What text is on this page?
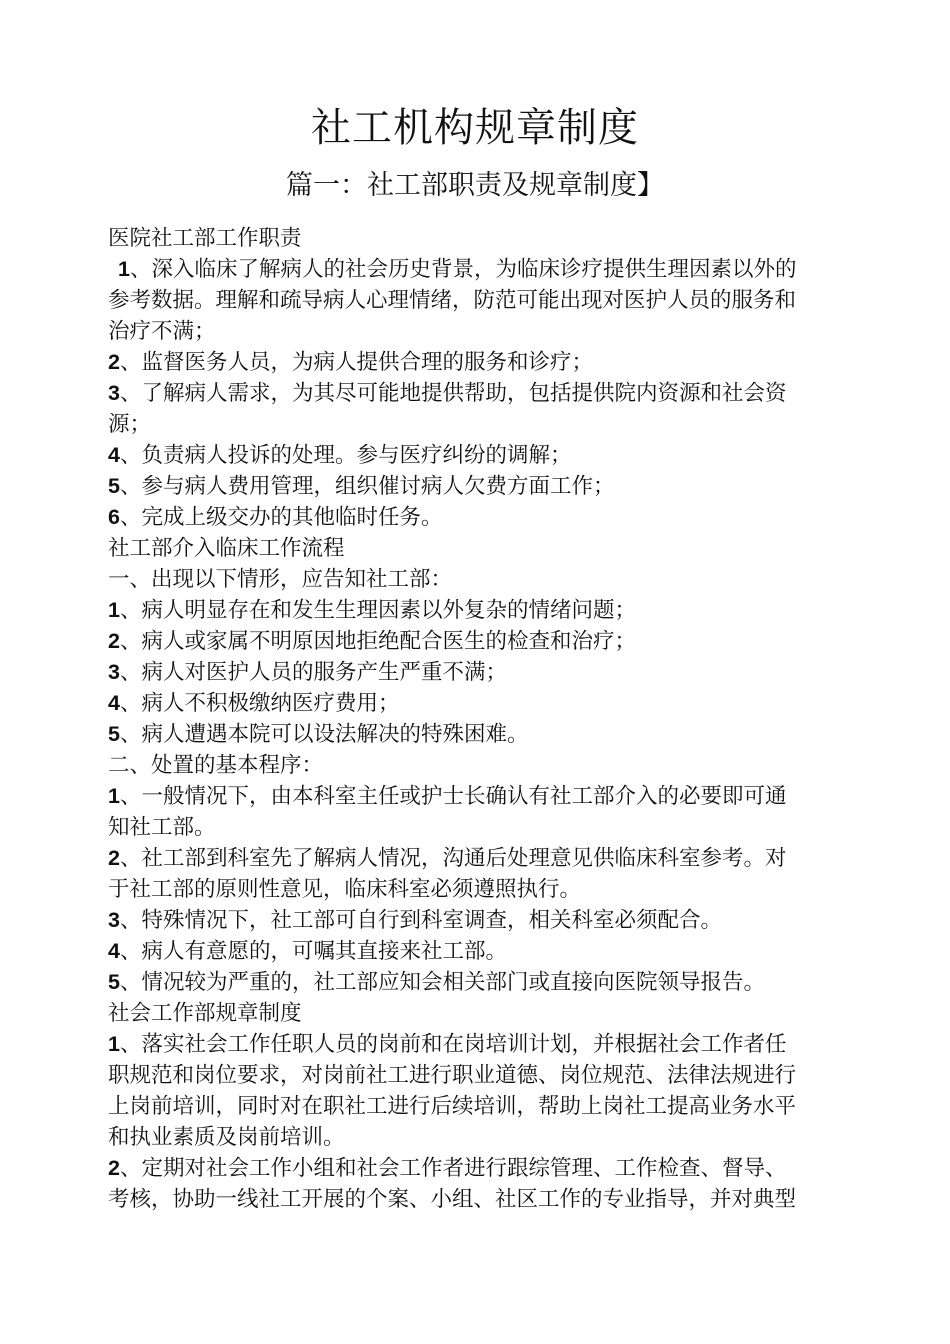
社工机构规章制度
篇一：社工部职责及规章制度】
医院社工部工作职责
1、深入临床了解病人的社会历史背景，为临床诊疗提供生理因素以外的
参考数据。理解和疏导病人心理情绪，防范可能出现对医护人员的服务和
治疗不满；
2、监督医务人员，为病人提供合理的服务和诊疗；
3、了解病人需求，为其尽可能地提供帮助，包括提供院内资源和社会资
源；
4、负责病人投诉的处理。参与医疗纠纷的调解；
5、参与病人费用管理，组织催讨病人欠费方面工作；
6、完成上级交办的其他临时任务。
社工部介入临床工作流程
一、出现以下情形，应告知社工部：
1、病人明显存在和发生生理因素以外复杂的情绪问题；
2、病人或家属不明原因地拒绝配合医生的检查和治疗；
3、病人对医护人员的服务产生严重不满；
4、病人不积极缴纳医疗费用；
5、病人遭遇本院可以设法解决的特殊困难。
二、处置的基本程序：
1、一般情况下，由本科室主任或护士长确认有社工部介入的必要即可通
知社工部。
2、社工部到科室先了解病人情况，沟通后处理意见供临床科室参考。对
于社工部的原则性意见，临床科室必须遵照执行。
3、特殊情况下，社工部可自行到科室调查，相关科室必须配合。
4、病人有意愿的，可嘱其直接来社工部。
5、情况较为严重的，社工部应知会相关部门或直接向医院领导报告。
社会工作部规章制度
1、落实社会工作任职人员的岗前和在岗培训计划，并根据社会工作者任
职规范和岗位要求，对岗前社工进行职业道德、岗位规范、法律法规进行
上岗前培训，同时对在职社工进行后续培训，帮助上岗社工提高业务水平
和执业素质及岗前培训。
2、定期对社会工作小组和社会工作者进行跟综管理、工作检查、督导、
考核，协助一线社工开展的个案、小组、社区工作的专业指导，并对典型
